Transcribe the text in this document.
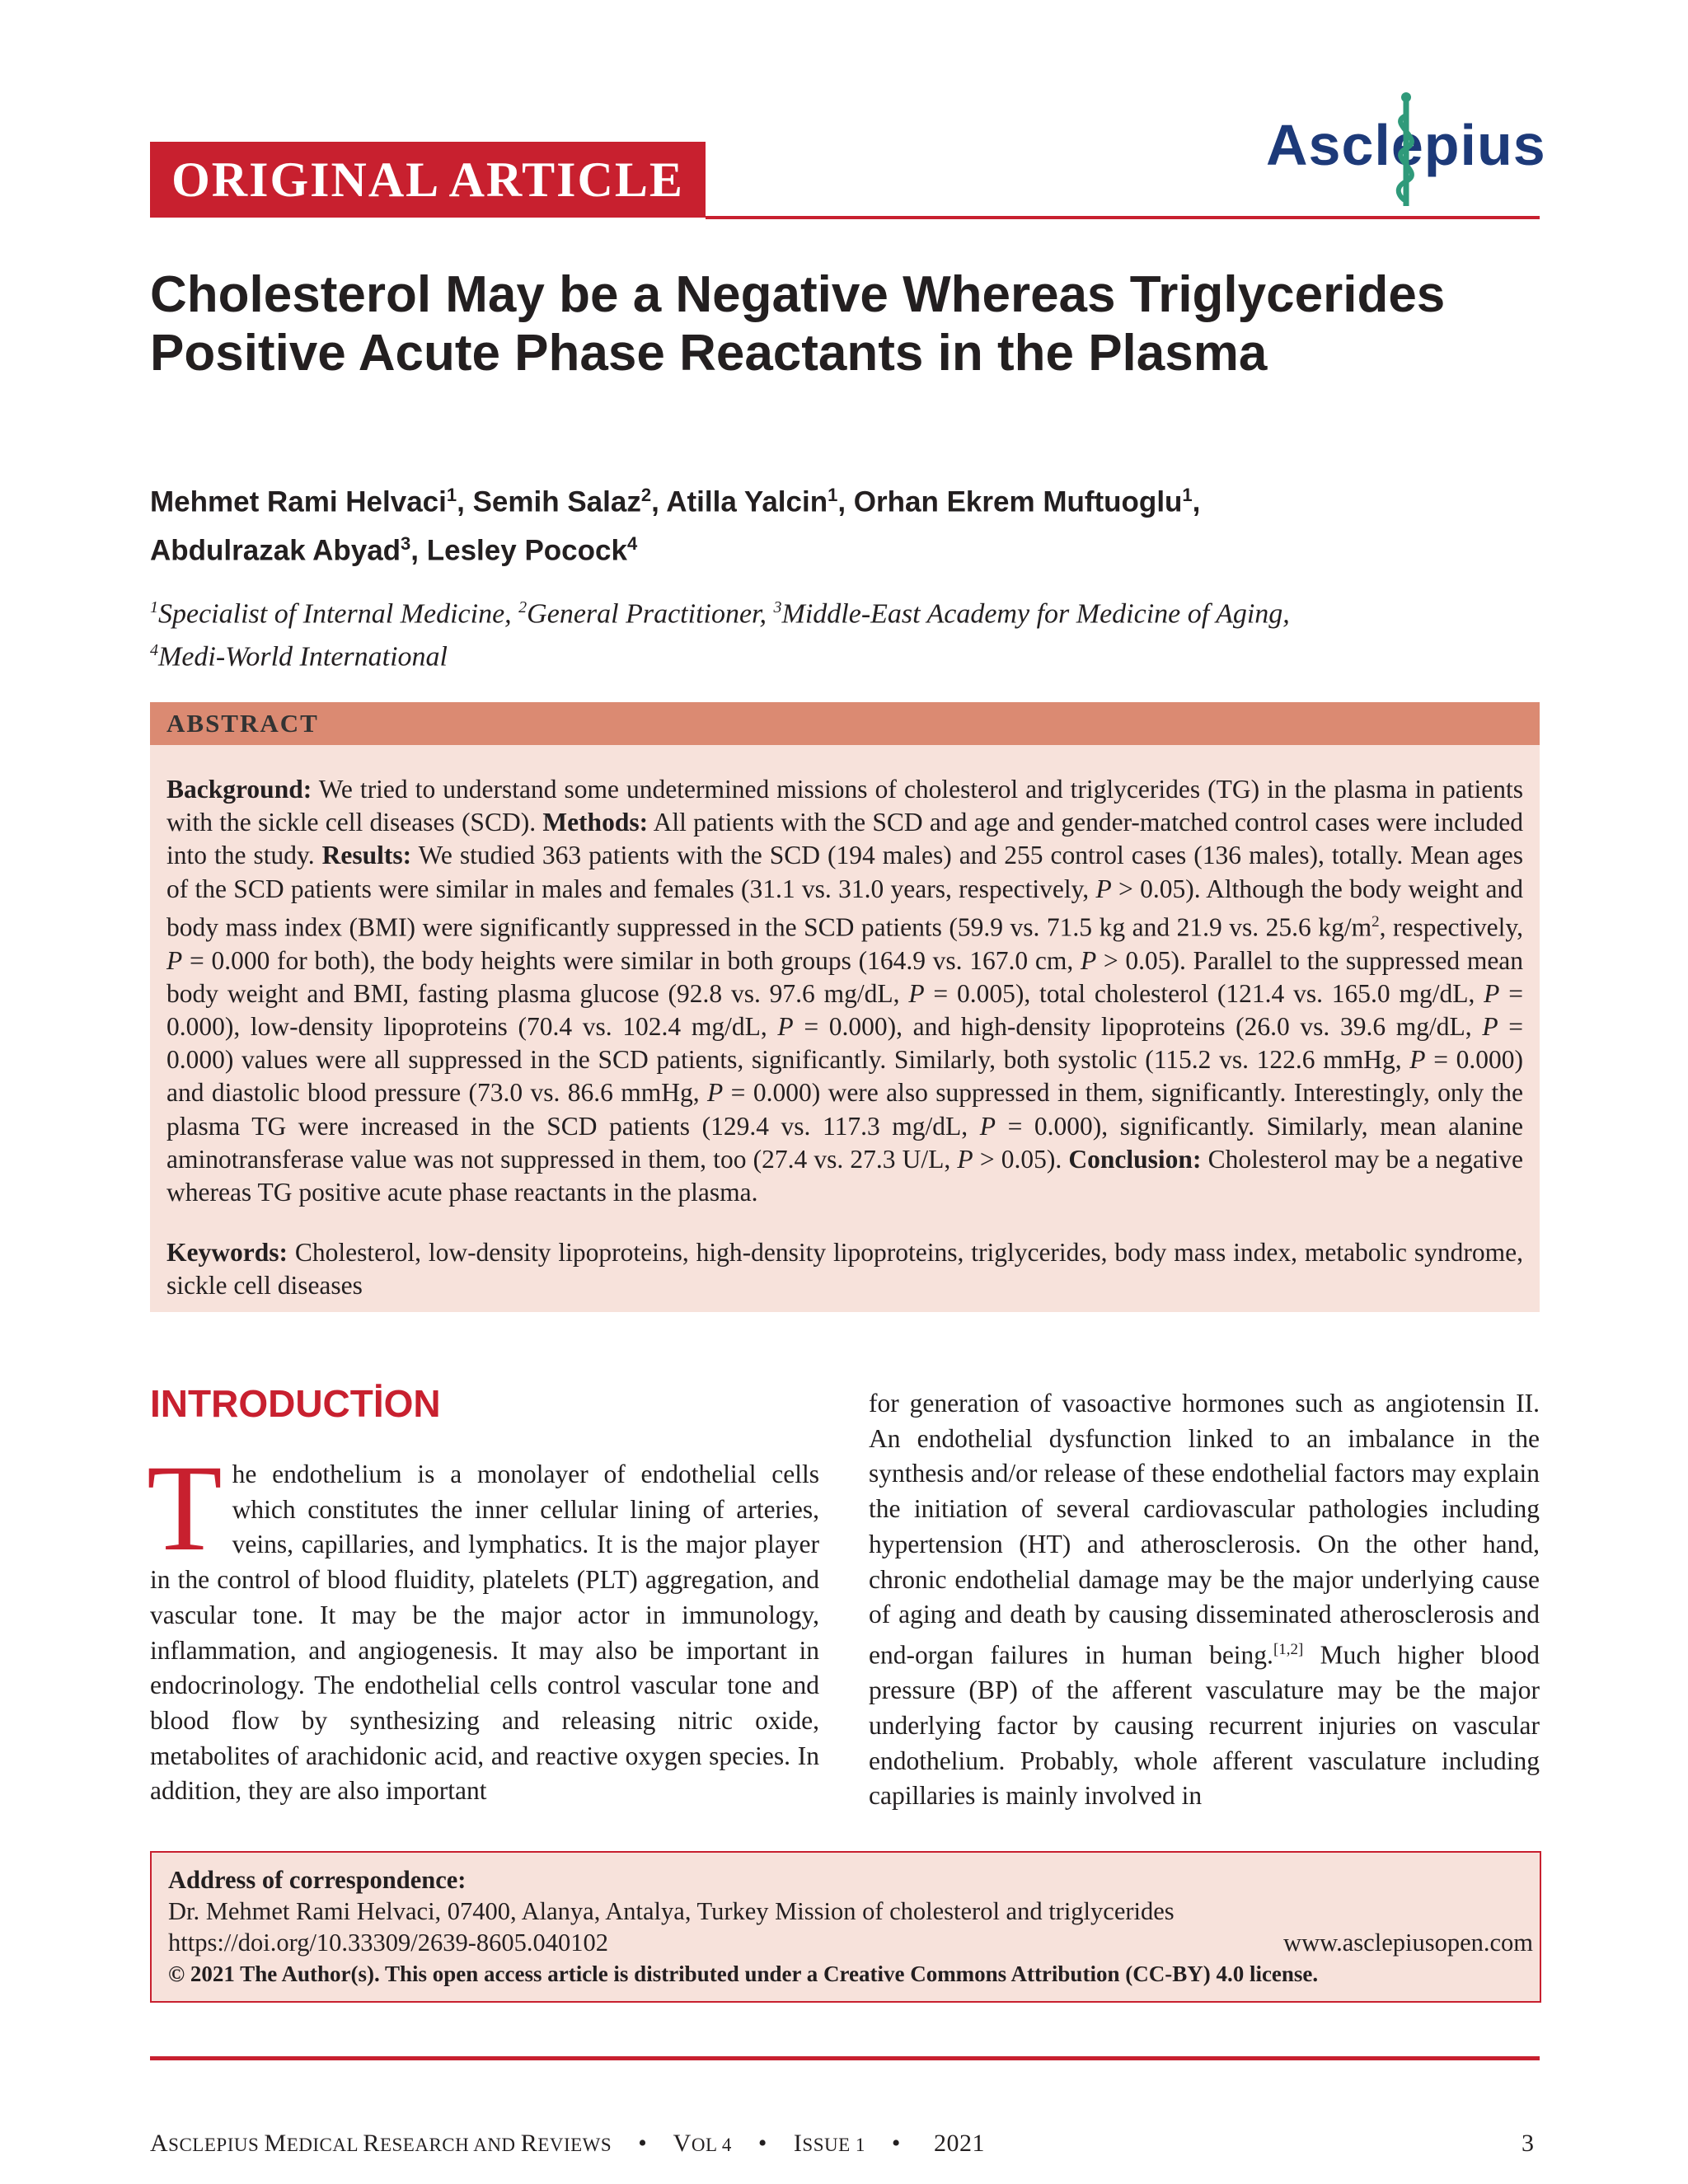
ORIGINAL ARTICLE
Asclepius
Cholesterol May be a Negative Whereas Triglycerides Positive Acute Phase Reactants in the Plasma
Mehmet Rami Helvaci$^1$, Semih Salaz$^2$, Atilla Yalcin$^1$, Orhan Ekrem Muftuoglu$^1$,
Abdulrazak Abyad$^3$, Lesley Pocock$^4$
$^1$Specialist of Internal Medicine, $^2$General Practitioner, $^3$Middle-East Academy for Medicine of Aging,
$^4$Medi-World International
ABSTRACT
Background: We tried to understand some undetermined missions of cholesterol and triglycerides (TG) in the plasma in patients with the sickle cell diseases (SCD). Methods: All patients with the SCD and age and gender-matched control cases were included into the study. Results: We studied 363 patients with the SCD (194 males) and 255 control cases (136 males), totally. Mean ages of the SCD patients were similar in males and females (31.1 vs. 31.0 years, respectively, P > 0.05). Although the body weight and body mass index (BMI) were significantly suppressed in the SCD patients (59.9 vs. 71.5 kg and 21.9 vs. 25.6 $kg/m^2$, respectively, P = 0.000 for both), the body heights were similar in both groups (164.9 vs. 167.0 cm, P > 0.05). Parallel to the suppressed mean body weight and BMI, fasting plasma glucose (92.8 vs. 97.6 mg/dL, P = 0.005), total cholesterol (121.4 vs. 165.0 mg/dL, P = 0.000), low-density lipoproteins (70.4 vs. 102.4 mg/dL, P = 0.000), and high-density lipoproteins (26.0 vs. 39.6 mg/dL, P = 0.000) values were all suppressed in the SCD patients, significantly. Similarly, both systolic (115.2 vs. 122.6 mmHg, P = 0.000) and diastolic blood pressure (73.0 vs. 86.6 mmHg, P = 0.000) were also suppressed in them, significantly. Interestingly, only the plasma TG were increased in the SCD patients (129.4 vs. 117.3 mg/dL, P = 0.000), significantly. Similarly, mean alanine aminotransferase value was not suppressed in them, too (27.4 vs. 27.3 U/L, P > 0.05). Conclusion: Cholesterol may be a negative whereas TG positive acute phase reactants in the plasma.
Keywords: Cholesterol, low-density lipoproteins, high-density lipoproteins, triglycerides, body mass index, metabolic syndrome, sickle cell diseases
INTRODUCTİON
The endothelium is a monolayer of endothelial cells which constitutes the inner cellular lining of arteries, veins, capillaries, and lymphatics. It is the major player in the control of blood fluidity, platelets (PLT) aggregation, and vascular tone. It may be the major actor in immunology, inflammation, and angiogenesis. It may also be important in endocrinology. The endothelial cells control vascular tone and blood flow by synthesizing and releasing nitric oxide, metabolites of arachidonic acid, and reactive oxygen species. In addition, they are also important
for generation of vasoactive hormones such as angiotensin II. An endothelial dysfunction linked to an imbalance in the synthesis and/or release of these endothelial factors may explain the initiation of several cardiovascular pathologies including hypertension (HT) and atherosclerosis. On the other hand, chronic endothelial damage may be the major underlying cause of aging and death by causing disseminated atherosclerosis and end-organ failures in human being.[1,2] Much higher blood pressure (BP) of the afferent vasculature may be the major underlying factor by causing recurrent injuries on vascular endothelium. Probably, whole afferent vasculature including capillaries is mainly involved in
Address of correspondence:
Dr. Mehmet Rami Helvaci, 07400, Alanya, Antalya, Turkey Mission of cholesterol and triglycerides
https://doi.org/10.33309/2639-8605.040102	www.asclepiusopen.com
© 2021 The Author(s). This open access article is distributed under a Creative Commons Attribution (CC-BY) 4.0 license.
ASCLEPIUS MEDICAL RESEARCH AND REVIEWS • VOL 4 • ISSUE 1 • 2021	3
